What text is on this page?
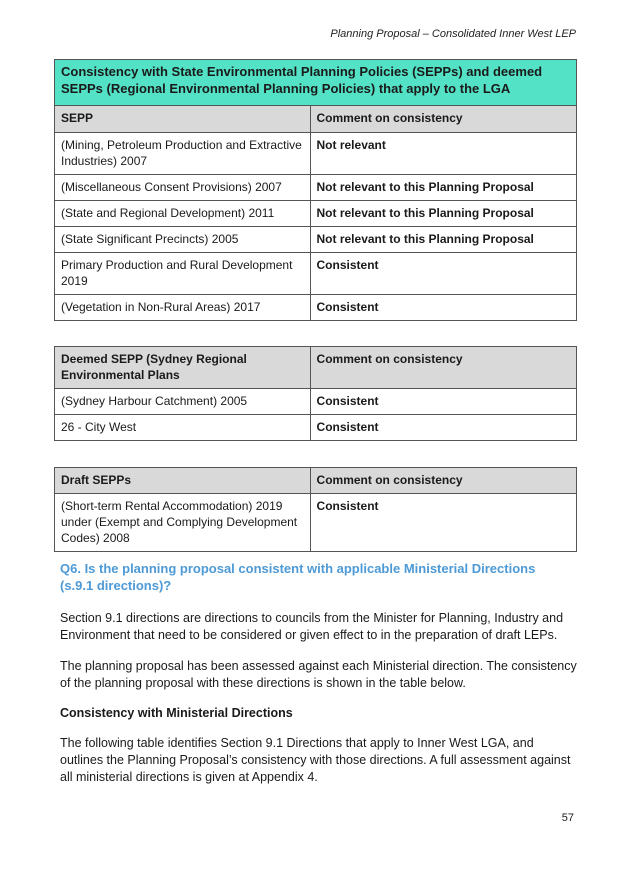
Planning Proposal – Consolidated Inner West LEP
Consistency with State Environmental Planning Policies (SEPPs) and deemed SEPPs (Regional Environmental Planning Policies) that apply to the LGA	
SEPP	Comment on consistency
(Mining, Petroleum Production and Extractive Industries) 2007	Not relevant
(Miscellaneous Consent Provisions) 2007	Not relevant to this Planning Proposal
(State and Regional Development) 2011	Not relevant to this Planning Proposal
(State Significant Precincts) 2005	Not relevant to this Planning Proposal
Primary Production and Rural Development 2019	Consistent
(Vegetation in Non-Rural Areas) 2017	Consistent
Deemed SEPP (Sydney Regional Environmental Plans	Comment on consistency
(Sydney Harbour Catchment) 2005	Consistent
26 - City West	Consistent
Draft SEPPs	Comment on consistency
(Short-term Rental Accommodation) 2019 under (Exempt and Complying Development Codes) 2008	Consistent
Q6. Is the planning proposal consistent with applicable Ministerial Directions (s.9.1 directions)?

Section 9.1 directions are directions to councils from the Minister for Planning, Industry and Environment that need to be considered or given effect to in the preparation of draft LEPs.

The planning proposal has been assessed against each Ministerial direction. The consistency of the planning proposal with these directions is shown in the table below.

Consistency with Ministerial Directions

The following table identifies Section 9.1 Directions that apply to Inner West LGA, and outlines the Planning Proposal’s consistency with those directions. A full assessment against all ministerial directions is given at Appendix 4.

57
